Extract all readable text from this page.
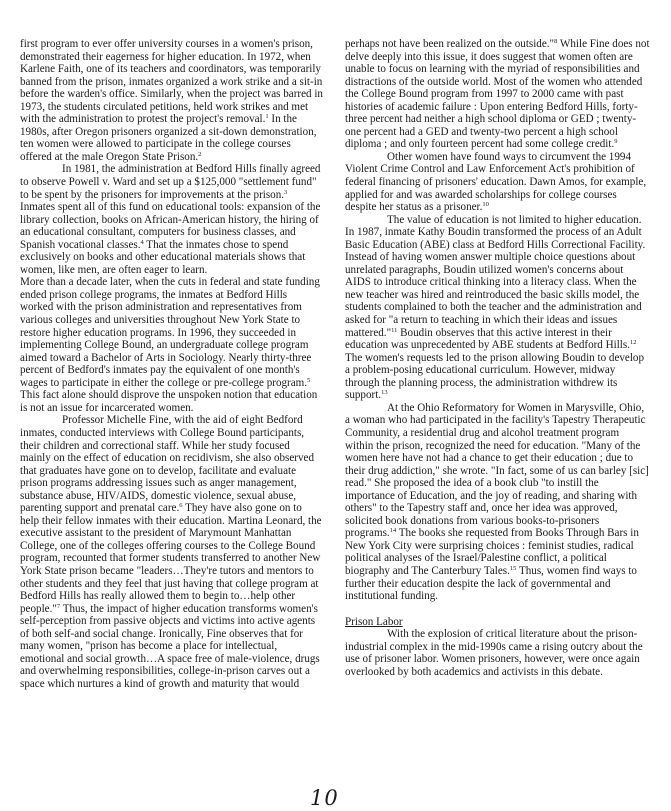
first program to ever offer university courses in a women's prison, demonstrated their eagerness for higher education. In 1972, when Karlene Faith, one of its teachers and coordinators, was temporarily banned from the prison, inmates organized a work strike and a sit-in before the warden's office. Similarly, when the project was barred in 1973, the students circulated petitions, held work strikes and met with the administration to protest the project's removal.$^1$ In the 1980s, after Oregon prisoners organized a sit-down demonstration, ten women were allowed to participate in the college courses offered at the male Oregon State Prison.$^2$

In 1981, the administration at Bedford Hills finally agreed to observe Powell v. Ward and set up a $125,000 "settlement fund" to be spent by the prisoners for improvements at the prison.$^3$ Inmates spent all of this fund on educational tools: expansion of the library collection, books on African-American history, the hiring of an educational consultant, computers for business classes, and Spanish vocational classes.$^4$ That the inmates chose to spend exclusively on books and other educational materials shows that women, like men, are often eager to learn.

More than a decade later, when the cuts in federal and state funding ended prison college programs, the inmates at Bedford Hills worked with the prison administration and representatives from various colleges and universities throughout New York State to restore higher education programs. In 1996, they succeeded in implementing College Bound, an undergraduate college program aimed toward a Bachelor of Arts in Sociology. Nearly thirty-three percent of Bedford's inmates pay the equivalent of one month's wages to participate in either the college or pre-college program.$^5$ This fact alone should disprove the unspoken notion that education is not an issue for incarcerated women.

Professor Michelle Fine, with the aid of eight Bedford inmates, conducted interviews with College Bound participants, their children and correctional staff. While her study focused mainly on the effect of education on recidivism, she also observed that graduates have gone on to develop, facilitate and evaluate prison programs addressing issues such as anger management, substance abuse, HIV/AIDS, domestic violence, sexual abuse, parenting support and prenatal care.$^6$ They have also gone on to help their fellow inmates with their education. Martina Leonard, the executive assistant to the president of Marymount Manhattan College, one of the colleges offering courses to the College Bound program, recounted that former students transferred to another New York State prison became "leaders…They're tutors and mentors to other students and they feel that just having that college program at Bedford Hills has really allowed them to begin to…help other people."$^7$ Thus, the impact of higher education transforms women's self-perception from passive objects and victims into active agents of both self-and social change. Ironically, Fine observes that for many women, "prison has become a place for intellectual, emotional and social growth…A space free of male-violence, drugs and overwhelming responsibilities, college-in-prison carves out a space which nurtures a kind of growth and maturity that would

perhaps not have been realized on the outside."$^8$ While Fine does not delve deeply into this issue, it does suggest that women often are unable to focus on learning with the myriad of responsibilities and distractions of the outside world. Most of the women who attended the College Bound program from 1997 to 2000 came with past histories of academic failure : Upon entering Bedford Hills, forty-three percent had neither a high school diploma or GED ; twenty-one percent had a GED and twenty-two percent a high school diploma ; and only fourteen percent had some college credit.$^9$

Other women have found ways to circumvent the 1994 Violent Crime Control and Law Enforcement Act's prohibition of federal financing of prisoners' education. Dawn Amos, for example, applied for and was awarded scholarships for college courses despite her status as a prisoner.$^{10}$

The value of education is not limited to higher education. In 1987, inmate Kathy Boudin transformed the process of an Adult Basic Education (ABE) class at Bedford Hills Correctional Facility. Instead of having women answer multiple choice questions about unrelated paragraphs, Boudin utilized women's concerns about AIDS to introduce critical thinking into a literacy class. When the new teacher was hired and reintroduced the basic skills model, the students complained to both the teacher and the administration and asked for "a return to teaching in which their ideas and issues mattered."$^{11}$ Boudin observes that this active interest in their education was unprecedented by ABE students at Bedford Hills.$^{12}$ The women's requests led to the prison allowing Boudin to develop a problem-posing educational curriculum. However, midway through the planning process, the administration withdrew its support.$^{13}$

At the Ohio Reformatory for Women in Marysville, Ohio, a woman who had participated in the facility's Tapestry Therapeutic Community, a residential drug and alcohol treatment program within the prison, recognized the need for education. "Many of the women here have not had a chance to get their education ; due to their drug addiction," she wrote. "In fact, some of us can barley [sic] read." She proposed the idea of a book club "to instill the importance of Education, and the joy of reading, and sharing with others" to the Tapestry staff and, once her idea was approved, solicited book donations from various books-to-prisoners programs.$^{14}$ The books she requested from Books Through Bars in New York City were surprising choices : feminist studies, radical political analyses of the Israel/Palestine conflict, a political biography and The Canterbury Tales.$^{15}$ Thus, women find ways to further their education despite the lack of governmental and institutional funding.

Prison Labor

With the explosion of critical literature about the prison-industrial complex in the mid-1990s came a rising outcry about the use of prisoner labor. Women prisoners, however, were once again overlooked by both academics and activists in this debate.

10
